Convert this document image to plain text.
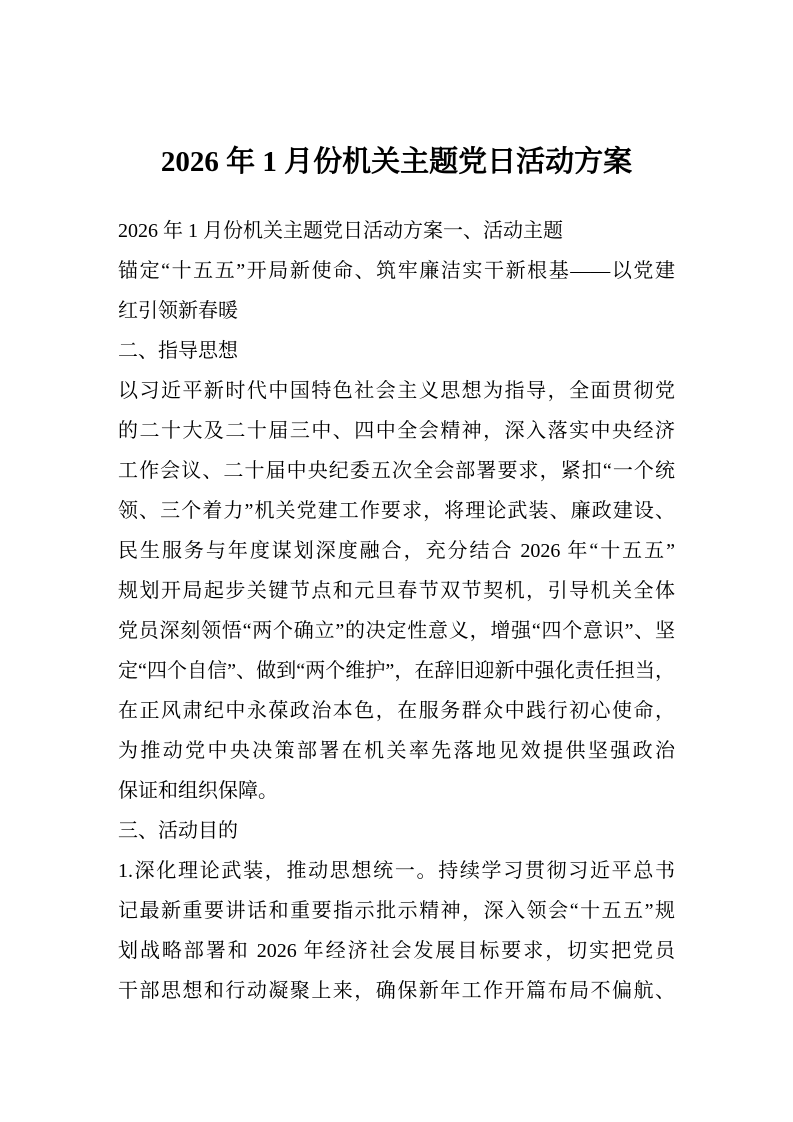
2026 年 1 月份机关主题党日活动方案
2026 年 1 月份机关主题党日活动方案一、活动主题
锚定“十五五”开局新使命、筑牢廉洁实干新根基——以党建
红引领新春暖
二、指导思想
以习近平新时代中国特色社会主义思想为指导，全面贯彻党
的二十大及二十届三中、四中全会精神，深入落实中央经济
工作会议、二十届中央纪委五次全会部署要求，紧扣“一个统
领、三个着力”机关党建工作要求，将理论武装、廉政建设、
民生服务与年度谋划深度融合，充分结合 2026 年“十五五”
规划开局起步关键节点和元旦春节双节契机，引导机关全体
党员深刻领悟“两个确立”的决定性意义，增强“四个意识”、坚
定“四个自信”、做到“两个维护”，在辞旧迎新中强化责任担当，
在正风肃纪中永葆政治本色，在服务群众中践行初心使命，
为推动党中央决策部署在机关率先落地见效提供坚强政治
保证和组织保障。
三、活动目的
1.深化理论武装，推动思想统一。持续学习贯彻习近平总书
记最新重要讲话和重要指示批示精神，深入领会“十五五”规
划战略部署和 2026 年经济社会发展目标要求，切实把党员
干部思想和行动凝聚上来，确保新年工作开篇布局不偏航、
